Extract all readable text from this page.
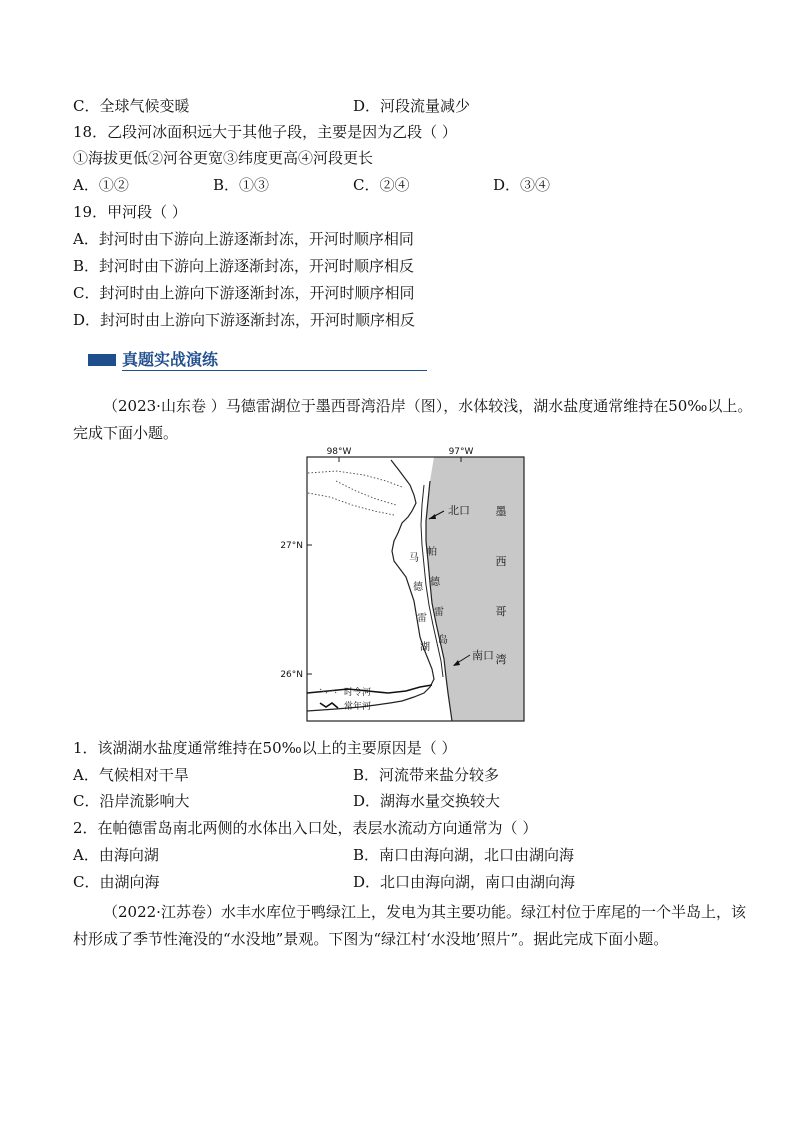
C．全球气候变暖	D．河段流量减少
18．乙段河冰面积远大于其他子段，主要是因为乙段（ ）
①海拔更低②河谷更宽③纬度更高④河段更长
A．①②	B．①③	C．②④	D．③④
19．甲河段（ ）
A．封河时由下游向上游逐渐封冻，开河时顺序相同
B．封河时由下游向上游逐渐封冻，开河时顺序相反
C．封河时由上游向下游逐渐封冻，开河时顺序相同
D．封河时由上游向下游逐渐封冻，开河时顺序相反
真题实战演练
（2023·山东卷 ）马德雷湖位于墨西哥湾沿岸（图），水体较浅，湖水盐度通常维持在50‰以上。
完成下面小题。
98°W	97°W
27°N
26°N
北口
南口
墨
西
哥
湾
帕
德
雷
岛
马
德
雷
湖
时令河
常年河
1．该湖湖水盐度通常维持在50‰以上的主要原因是（ ）
A．气候相对干旱	B．河流带来盐分较多
C．沿岸流影响大	D．湖海水量交换较大
2．在帕德雷岛南北两侧的水体出入口处，表层水流动方向通常为（ ）
A．由海向湖	B．南口由海向湖，北口由湖向海
C．由湖向海	D．北口由海向湖，南口由湖向海
（2022·江苏卷）水丰水库位于鸭绿江上，发电为其主要功能。绿江村位于库尾的一个半岛上，该
村形成了季节性淹没的“水没地”景观。下图为“绿江村‘水没地’照片”。据此完成下面小题。
